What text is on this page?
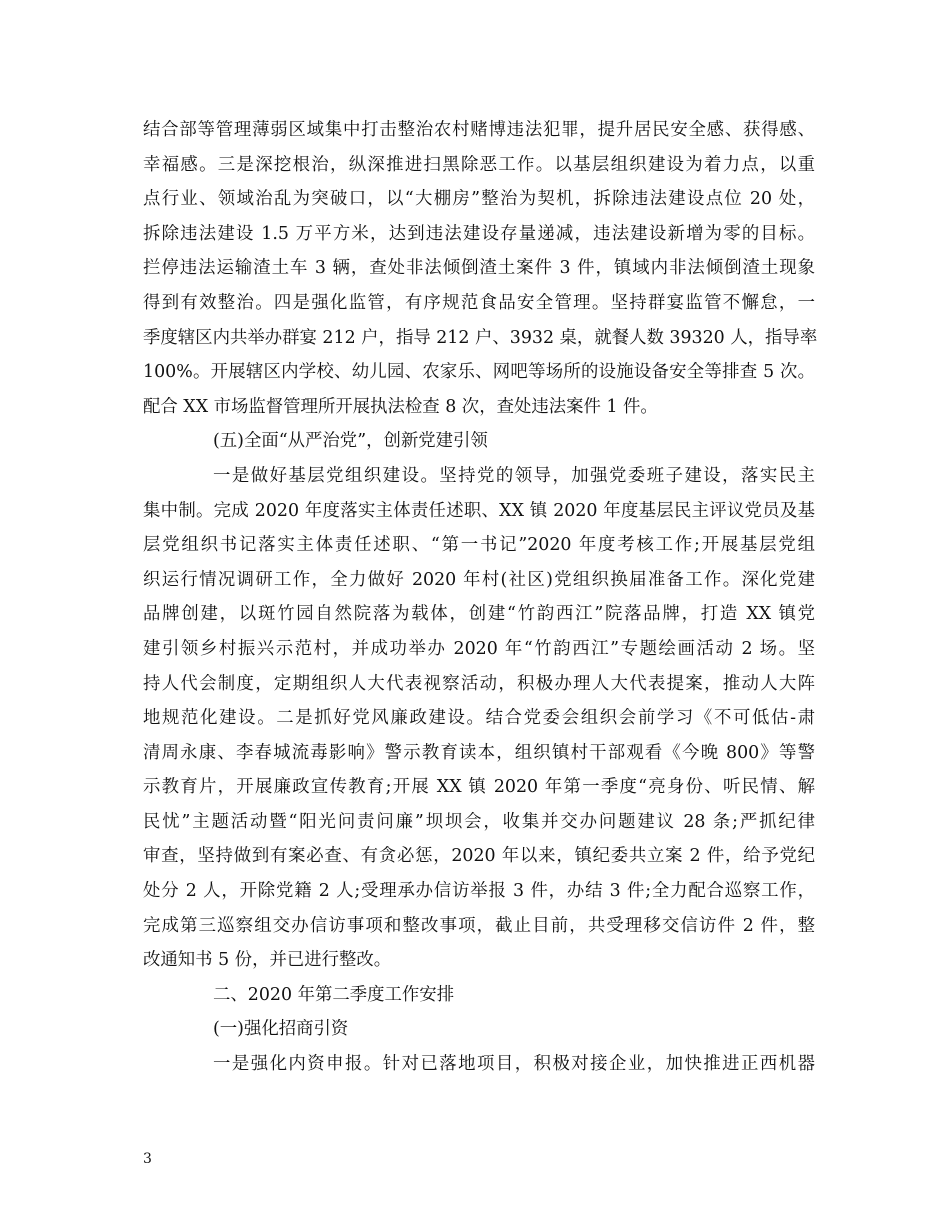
结合部等管理薄弱区域集中打击整治农村赌博违法犯罪，提升居民安全感、获得感、
幸福感。三是深挖根治，纵深推进扫黑除恶工作。以基层组织建设为着力点，以重
点行业、领域治乱为突破口，以“大棚房”整治为契机，拆除违法建设点位 20 处，
拆除违法建设 1.5 万平方米，达到违法建设存量递减，违法建设新增为零的目标。
拦停违法运输渣土车 3 辆，查处非法倾倒渣土案件 3 件，镇域内非法倾倒渣土现象
得到有效整治。四是强化监管，有序规范食品安全管理。坚持群宴监管不懈怠，一
季度辖区内共举办群宴 212 户，指导 212 户、3932 桌，就餐人数 39320 人，指导率
100%。开展辖区内学校、幼儿园、农家乐、网吧等场所的设施设备安全等排查 5 次。
配合 XX 市场监督管理所开展执法检查 8 次，查处违法案件 1 件。
(五)全面“从严治党”，创新党建引领
一是做好基层党组织建设。坚持党的领导，加强党委班子建设，落实民主
集中制。完成 2020 年度落实主体责任述职、XX 镇 2020 年度基层民主评议党员及基
层党组织书记落实主体责任述职、“第一书记”2020 年度考核工作;开展基层党组
织运行情况调研工作，全力做好 2020 年村(社区)党组织换届准备工作。深化党建
品牌创建，以斑竹园自然院落为载体，创建“竹韵西江”院落品牌，打造 XX 镇党
建引领乡村振兴示范村，并成功举办 2020 年“竹韵西江”专题绘画活动 2 场。坚
持人代会制度，定期组织人大代表视察活动，积极办理人大代表提案，推动人大阵
地规范化建设。二是抓好党风廉政建设。结合党委会组织会前学习《不可低估-肃
清周永康、李春城流毒影响》警示教育读本，组织镇村干部观看《今晚 800》等警
示教育片，开展廉政宣传教育;开展 XX 镇 2020 年第一季度“亮身份、听民情、解
民忧”主题活动暨“阳光问责问廉”坝坝会，收集并交办问题建议 28 条;严抓纪律
审查，坚持做到有案必查、有贪必惩，2020 年以来，镇纪委共立案 2 件，给予党纪
处分 2 人，开除党籍 2 人;受理承办信访举报 3 件，办结 3 件;全力配合巡察工作，
完成第三巡察组交办信访事项和整改事项，截止目前，共受理移交信访件 2 件，整
改通知书 5 份，并已进行整改。
二、2020 年第二季度工作安排
(一)强化招商引资
一是强化内资申报。针对已落地项目，积极对接企业，加快推进正西机器
3
